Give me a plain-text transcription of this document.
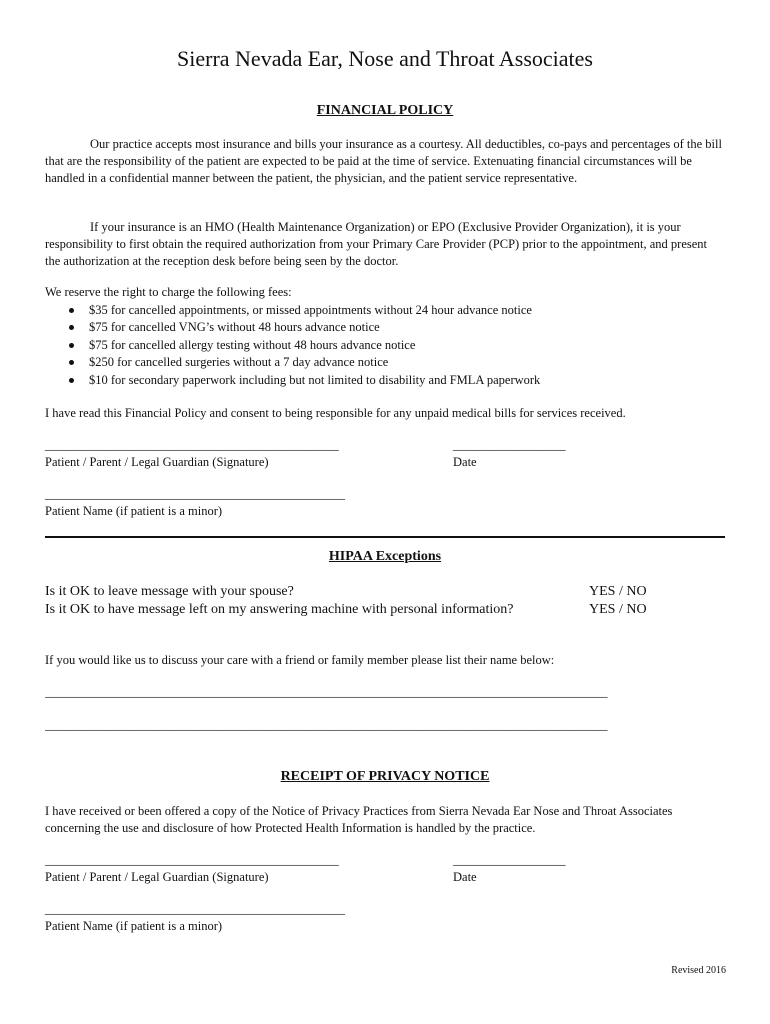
Sierra Nevada Ear, Nose and Throat Associates
FINANCIAL POLICY

Our practice accepts most insurance and bills your insurance as a courtesy. All deductibles, co-pays and percentages of the bill that are the responsibility of the patient are expected to be paid at the time of service. Extenuating financial circumstances will be handled in a confidential manner between the patient, the physician, and the patient service representative.

If your insurance is an HMO (Health Maintenance Organization) or EPO (Exclusive Provider Organization), it is your responsibility to first obtain the required authorization from your Primary Care Provider (PCP) prior to the appointment, and present the authorization at the reception desk before being seen by the doctor.

We reserve the right to charge the following fees:
$35 for cancelled appointments, or missed appointments without 24 hour advance notice
$75 for cancelled VNG’s without 48 hours advance notice
$75 for cancelled allergy testing without 48 hours advance notice
$250 for cancelled surgeries without a 7 day advance notice
$10 for secondary paperwork including but not limited to disability and FMLA paperwork
I have read this Financial Policy and consent to being responsible for any unpaid medical bills for services received.
_______________________________________________
Patient / Parent / Legal Guardian (Signature)
__________________
Date
________________________________________________
Patient Name (if patient is a minor)
HIPAA Exceptions
Is it OK to leave message with your spouse?	YES / NO
Is it OK to have message left on my answering machine with personal information?	YES / NO
If you would like us to discuss your care with a friend or family member please list their name below:
__________________________________________________________________________________________
__________________________________________________________________________________________
RECEIPT OF PRIVACY NOTICE

I have received or been offered a copy of the Notice of Privacy Practices from Sierra Nevada Ear Nose and Throat Associates concerning the use and disclosure of how Protected Health Information is handled by the practice.

_______________________________________________
Patient / Parent / Legal Guardian (Signature)
__________________
Date
________________________________________________
Patient Name (if patient is a minor)
Revised 2016
